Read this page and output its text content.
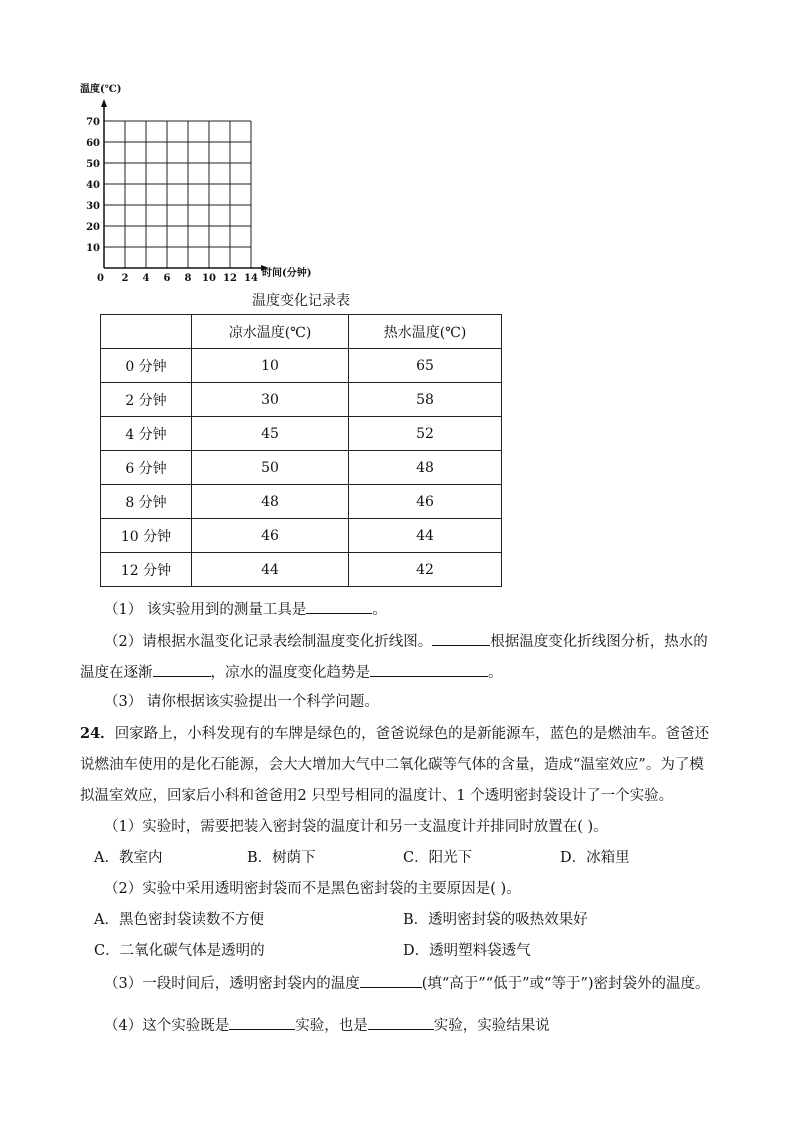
70
60
50
40
30
20
10
0 2 4 6 8 10 12 14
温度(℃)
时间(分钟)
温度变化记录表
	凉水温度(℃)	热水温度(℃)
0 分钟	10	65
2 分钟	30	58
4 分钟	45	52
6 分钟	50	48
8 分钟	48	46
10 分钟	46	44
12 分钟	44	42
（1） 该实验用到的测量工具是	。
（2）请根据水温变化记录表绘制温度变化折线图。	根据温度变化折线图分析，热水的
温度在逐渐	，凉水的温度变化趋势是	。
（3） 请你根据该实验提出一个科学问题。
24．回家路上，小科发现有的车牌是绿色的，爸爸说绿色的是新能源车，蓝色的是燃油车。爸爸还
说燃油车使用的是化石能源，会大大增加大气中二氧化碳等气体的含量，造成“温室效应”。为了模
拟温室效应，回家后小科和爸爸用2 只型号相同的温度计、1 个透明密封袋设计了一个实验。
（1）实验时，需要把装入密封袋的温度计和另一支温度计并排同时放置在( )。
A．教室内	B．树荫下	C．阳光下	D．冰箱里
（2）实验中采用透明密封袋而不是黑色密封袋的主要原因是( )。
A．黑色密封袋读数不方便	B．透明密封袋的吸热效果好
C．二氧化碳气体是透明的	D．透明塑料袋透气
（3）一段时间后，透明密封袋内的温度	(填“高于”“低于”或“等于”)密封袋外的温度。
（4）这个实验既是	实验，也是	实验，实验结果说
